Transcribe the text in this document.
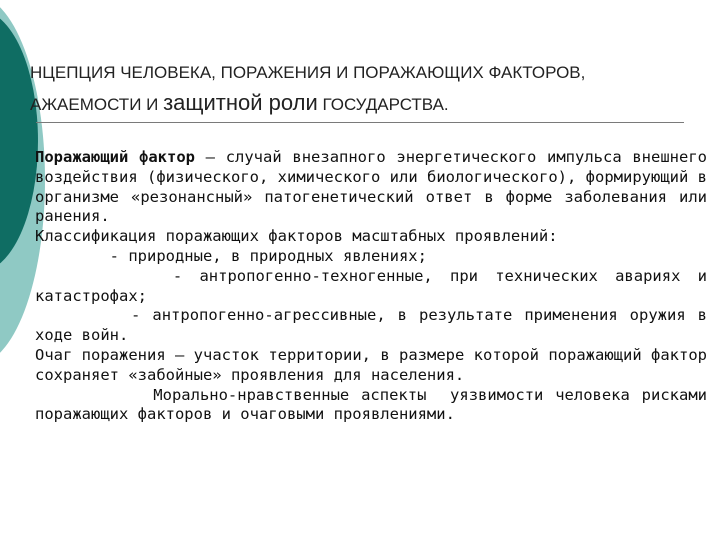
НЦЕПЦИЯ ЧЕЛОВЕКА, ПОРАЖЕНИЯ И ПОРАЖАЮЩИХ ФАКТОРОВ,
АЖАЕМОСТИ И защитной роли ГОСУДАРСТВА.

Поражающий фактор – случай внезапного энергетического импульса внешнего воздействия (физического, химического или биологического), формирующий в организме «резонансный» патогенетический ответ в форме заболевания или ранения.

Классификация поражающих факторов масштабных проявлений:

- природные, в природных явлениях;

- антропогенно-техногенные, при технических авариях и катастрофах;

- антропогенно-агрессивные, в результате применения оружия в ходе войн.

Очаг поражения – участок территории, в размере которой поражающий фактор сохраняет «забойные» проявления для населения.

Морально-нравственные аспекты  уязвимости человека рисками поражающих факторов и очаговыми проявлениями.
